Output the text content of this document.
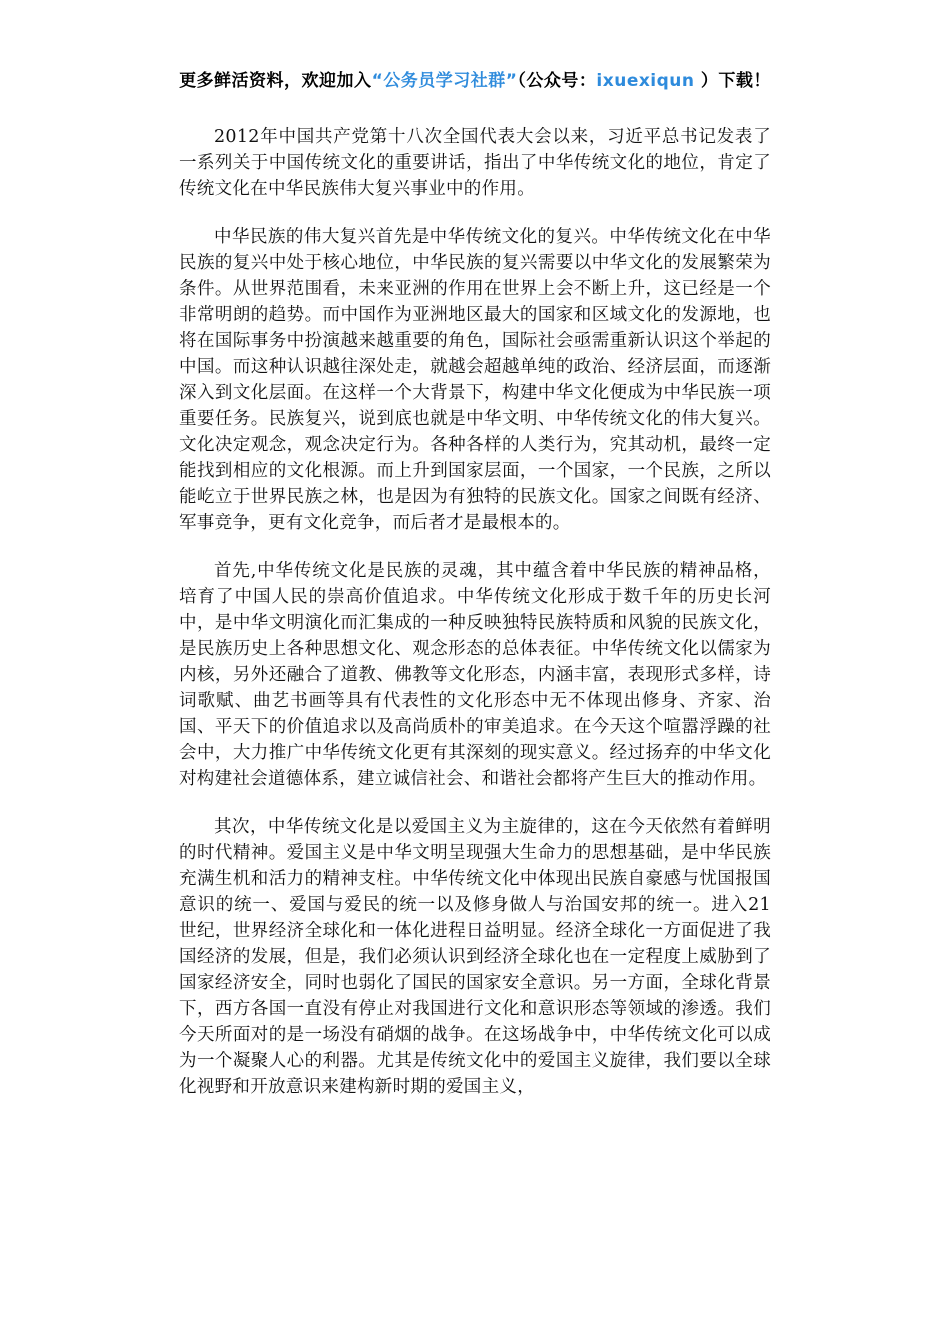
更多鲜活资料，欢迎加入“公务员学习社群”（公众号：ixuexiqun ）下载！

2012年中国共产党第十八次全国代表大会以来，习近平总书记发表了一系列关于中国传统文化的重要讲话，指出了中华传统文化的地位，肯定了传统文化在中华民族伟大复兴事业中的作用。

中华民族的伟大复兴首先是中华传统文化的复兴。中华传统文化在中华民族的复兴中处于核心地位，中华民族的复兴需要以中华文化的发展繁荣为条件。从世界范围看，未来亚洲的作用在世界上会不断上升，这已经是一个非常明朗的趋势。而中国作为亚洲地区最大的国家和区域文化的发源地，也将在国际事务中扮演越来越重要的角色，国际社会亟需重新认识这个举起的中国。而这种认识越往深处走，就越会超越单纯的政治、经济层面，而逐渐深入到文化层面。在这样一个大背景下，构建中华文化便成为中华民族一项重要任务。民族复兴，说到底也就是中华文明、中华传统文化的伟大复兴。文化决定观念，观念决定行为。各种各样的人类行为，究其动机，最终一定能找到相应的文化根源。而上升到国家层面，一个国家，一个民族，之所以能屹立于世界民族之林，也是因为有独特的民族文化。国家之间既有经济、军事竞争，更有文化竞争，而后者才是最根本的。

首先,中华传统文化是民族的灵魂，其中蕴含着中华民族的精神品格，培育了中国人民的崇高价值追求。中华传统文化形成于数千年的历史长河中，是中华文明演化而汇集成的一种反映独特民族特质和风貌的民族文化，是民族历史上各种思想文化、观念形态的总体表征。中华传统文化以儒家为内核，另外还融合了道教、佛教等文化形态，内涵丰富，表现形式多样，诗词歌赋、曲艺书画等具有代表性的文化形态中无不体现出修身、齐家、治国、平天下的价值追求以及高尚质朴的审美追求。在今天这个喧嚣浮躁的社会中，大力推广中华传统文化更有其深刻的现实意义。经过扬弃的中华文化对构建社会道德体系，建立诚信社会、和谐社会都将产生巨大的推动作用。

其次，中华传统文化是以爱国主义为主旋律的，这在今天依然有着鲜明的时代精神。爱国主义是中华文明呈现强大生命力的思想基础，是中华民族充满生机和活力的精神支柱。中华传统文化中体现出民族自豪感与忧国报国意识的统一、爱国与爱民的统一以及修身做人与治国安邦的统一。进入21世纪，世界经济全球化和一体化进程日益明显。经济全球化一方面促进了我国经济的发展，但是，我们必须认识到经济全球化也在一定程度上威胁到了国家经济安全，同时也弱化了国民的国家安全意识。另一方面，全球化背景下，西方各国一直没有停止对我国进行文化和意识形态等领域的渗透。我们今天所面对的是一场没有硝烟的战争。在这场战争中，中华传统文化可以成为一个凝聚人心的利器。尤其是传统文化中的爱国主义旋律，我们要以全球化视野和开放意识来建构新时期的爱国主义，
